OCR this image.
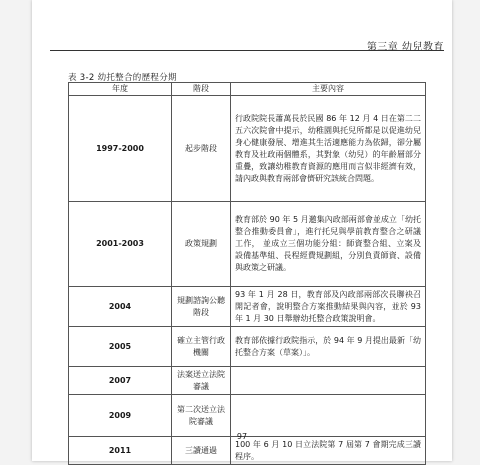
第三章 幼兒教育
表 3-2 幼托整合的歷程分期
年度	階段	主要內容
1997-2000	起步階段	行政院院長蕭萬長於民國 86 年 12 月 4 日在第二二五六次院會中提示，幼稚園與托兒所都是以促進幼兒身心健康發展、增進其生活適應能力為依歸，卻分屬教育及社政兩個體系，其對象（幼兒）的年齡層部分重疊，致讓幼稚教育資源的應用而言似非經濟有效，請內政與教育兩部會儕研究該統合問題。
2001-2003	政策規劃	教育部於 90 年 5 月邀集內政部兩部會並成立「幼托整合推動委員會」，進行托兒與學前教育整合之研議工作， 並成立三個功能分組：師資整合組、立案及設備基準組、長程經費規劃組，分別負責師資、設備與政策之研議。
2004	規劃諮詢公聽階段	93 年 1 月 28 日，教育部及內政部兩部次長聯袂召開記者會，說明整合方案推動結果與內容，並於 93 年 1 月 30 日舉辦幼托整合政策說明會。
2005	確立主管行政機關	教育部依據行政院指示，於 94 年 9 月提出最新「幼托整合方案（草案）」。
2007	法案送立法院審議	
2009	第二次送立法院審議	
2011	三讀通過	100 年 6 月 10 日立法院第 7 屆第 7 會期完成三讀程序。
97
